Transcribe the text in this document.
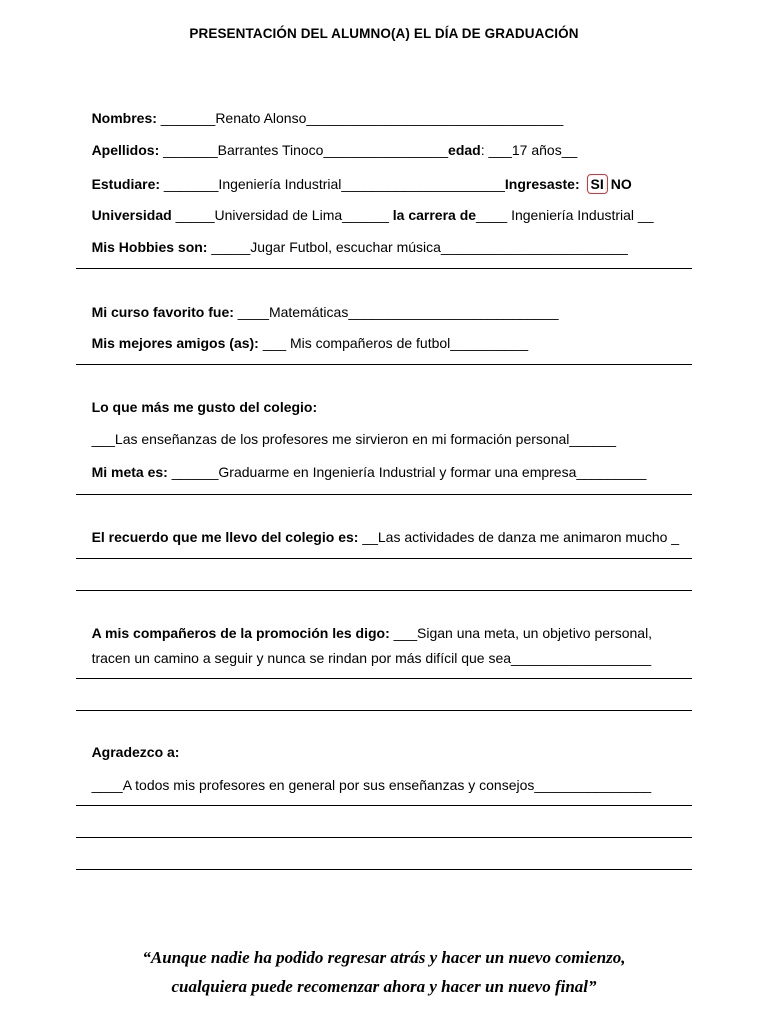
PRESENTACIÓN DEL ALUMNO(A) EL DÍA DE GRADUACIÓN

Nombres: _______Renato Alonso_________________________________

Apellidos: _______Barrantes Tinoco________________edad: ___17 años__

Estudiare: _______Ingeniería Industrial_____________________Ingresaste: SI NO

Universidad _____Universidad de Lima______ la carrera de____ Ingeniería Industrial __

Mis Hobbies son: _____Jugar Futbol, escuchar música________________________

Mi curso favorito fue: ____Matemáticas___________________________

Mis mejores amigos (as): ___ Mis compañeros de futbol__________

Lo que más me gusto del colegio:

___Las enseñanzas de los profesores me sirvieron en mi formación personal______

Mi meta es: ______Graduarme en Ingeniería Industrial y formar una empresa_________

El recuerdo que me llevo del colegio es: __Las actividades de danza me animaron mucho _

A mis compañeros de la promoción les digo: ___Sigan una meta, un objetivo personal,

tracen un camino a seguir y nunca se rindan por más difícil que sea__________________

Agradezco a:

____A todos mis profesores en general por sus enseñanzas y consejos_______________

“Aunque nadie ha podido regresar atrás y hacer un nuevo comienzo,
cualquiera puede recomenzar ahora y hacer un nuevo final”
